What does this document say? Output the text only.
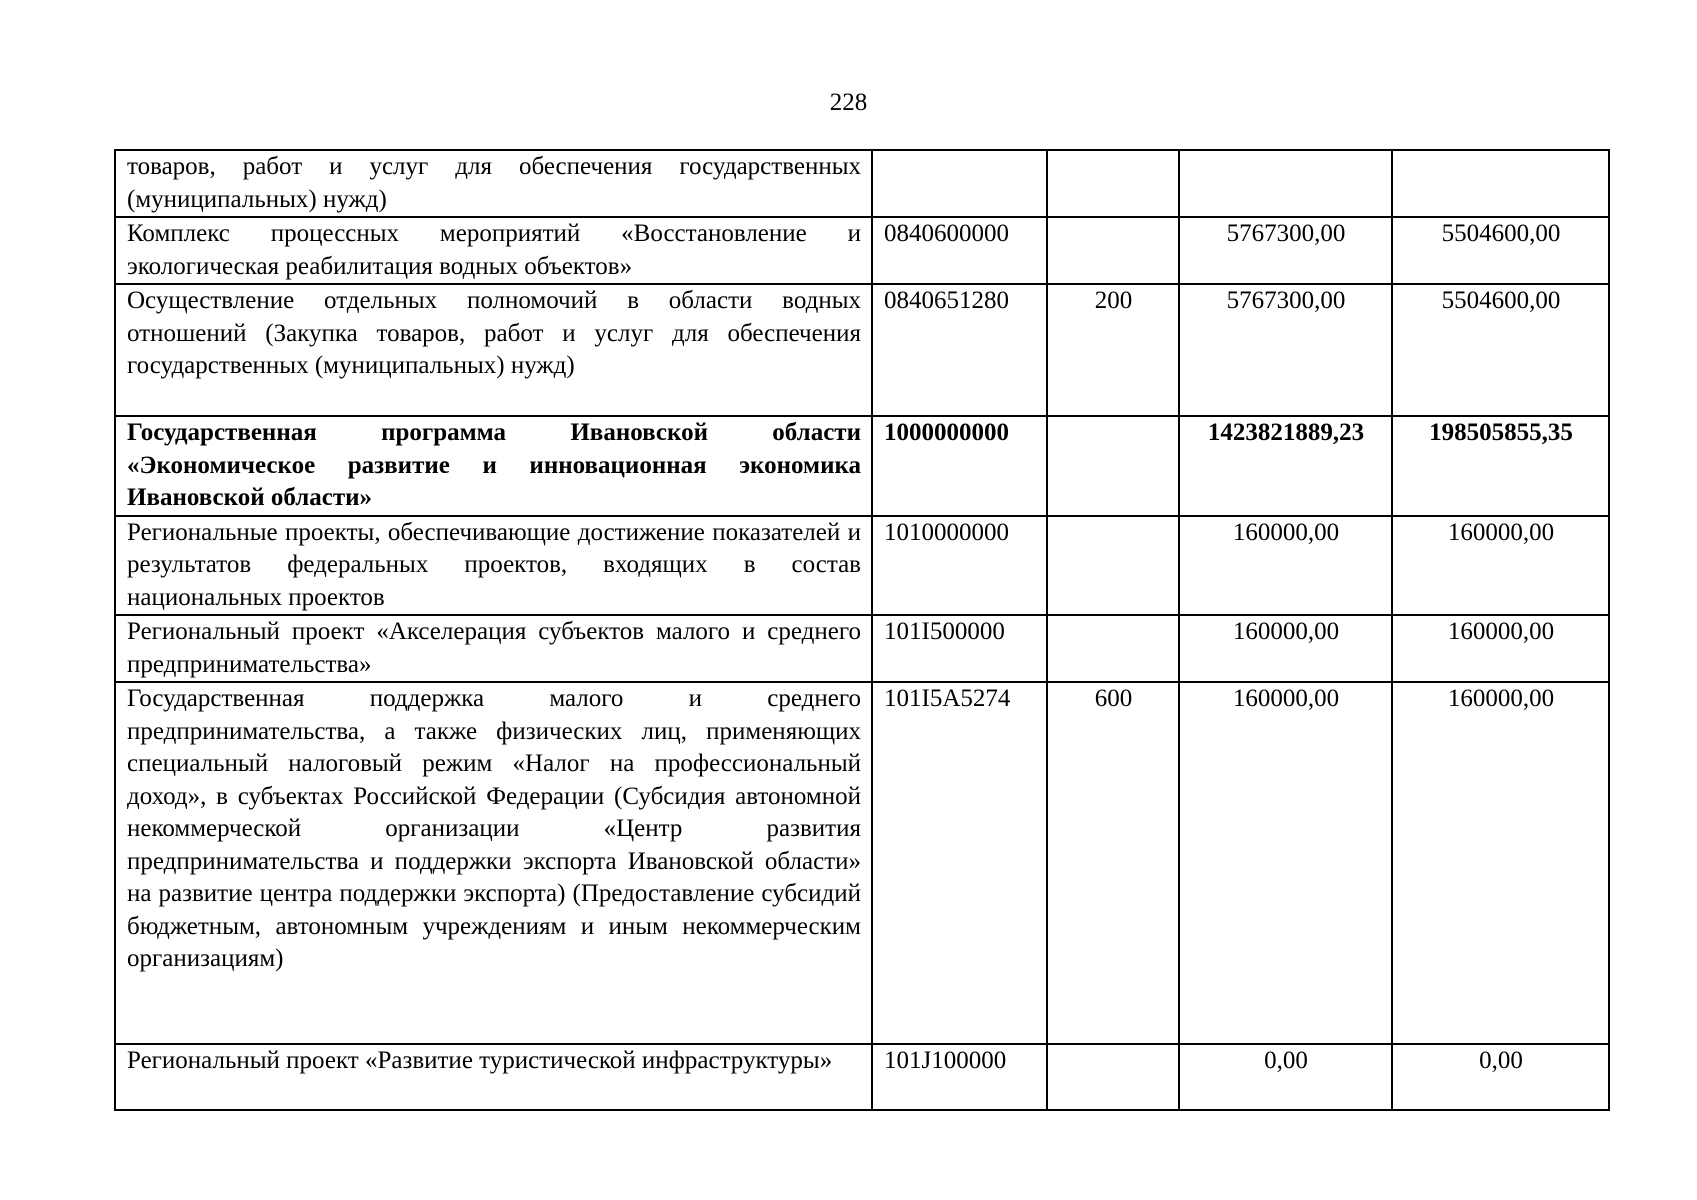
228
товаров, работ и услуг для обеспечения государственных (муниципальных) нужд)				
Комплекс процессных мероприятий «Восстановление и экологическая реабилитация водных объектов»	0840600000		5767300,00	5504600,00
Осуществление отдельных полномочий в области водных отношений (Закупка товаров, работ и услуг для обеспечения государственных (муниципальных) нужд)	0840651280	200	5767300,00	5504600,00
Государственная программа Ивановской области «Экономическое развитие и инновационная экономика Ивановской области»	1000000000		1423821889,23	198505855,35
Региональные проекты, обеспечивающие достижение показателей и результатов федеральных проектов, входящих в состав национальных проектов	1010000000		160000,00	160000,00
Региональный проект «Акселерация субъектов малого и среднего предпринимательства»	101I500000		160000,00	160000,00
Государственная поддержка малого и среднего предпринимательства, а также физических лиц, применяющих специальный налоговый режим «Налог на профессиональный доход», в субъектах Российской Федерации (Субсидия автономной некоммерческой организации «Центр развития предпринимательства и поддержки экспорта Ивановской области» на развитие центра поддержки экспорта) (Предоставление субсидий бюджетным, автономным учреждениям и иным некоммерческим организациям)	101I5A5274	600	160000,00	160000,00
Региональный проект «Развитие туристической инфраструктуры»	101J100000		0,00	0,00
